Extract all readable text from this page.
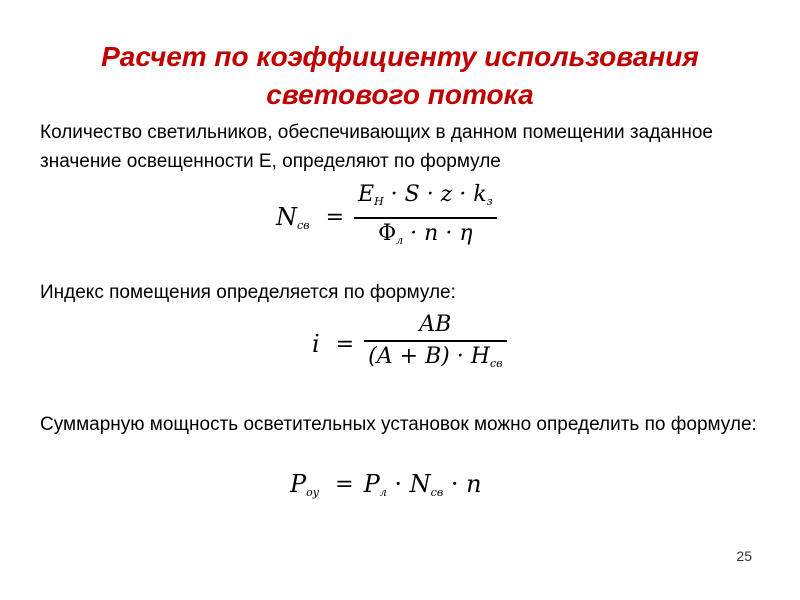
Расчет по коэффициенту использования
светового потока

Количество светильников, обеспечивающих в данном помещении заданное значение освещенности E, определяют по формуле

$N_{св} = \frac{E_Н \cdot S \cdot z \cdot k_з}{\Phi_л \cdot n \cdot \eta}$

Индекс помещения определяется по формуле:

$i = \frac{AB}{(A + B) \cdot H_{св}}$

Суммарную мощность осветительных установок можно определить по формуле:

$P_{оу} = P_л \cdot N_{св} \cdot n$
25
